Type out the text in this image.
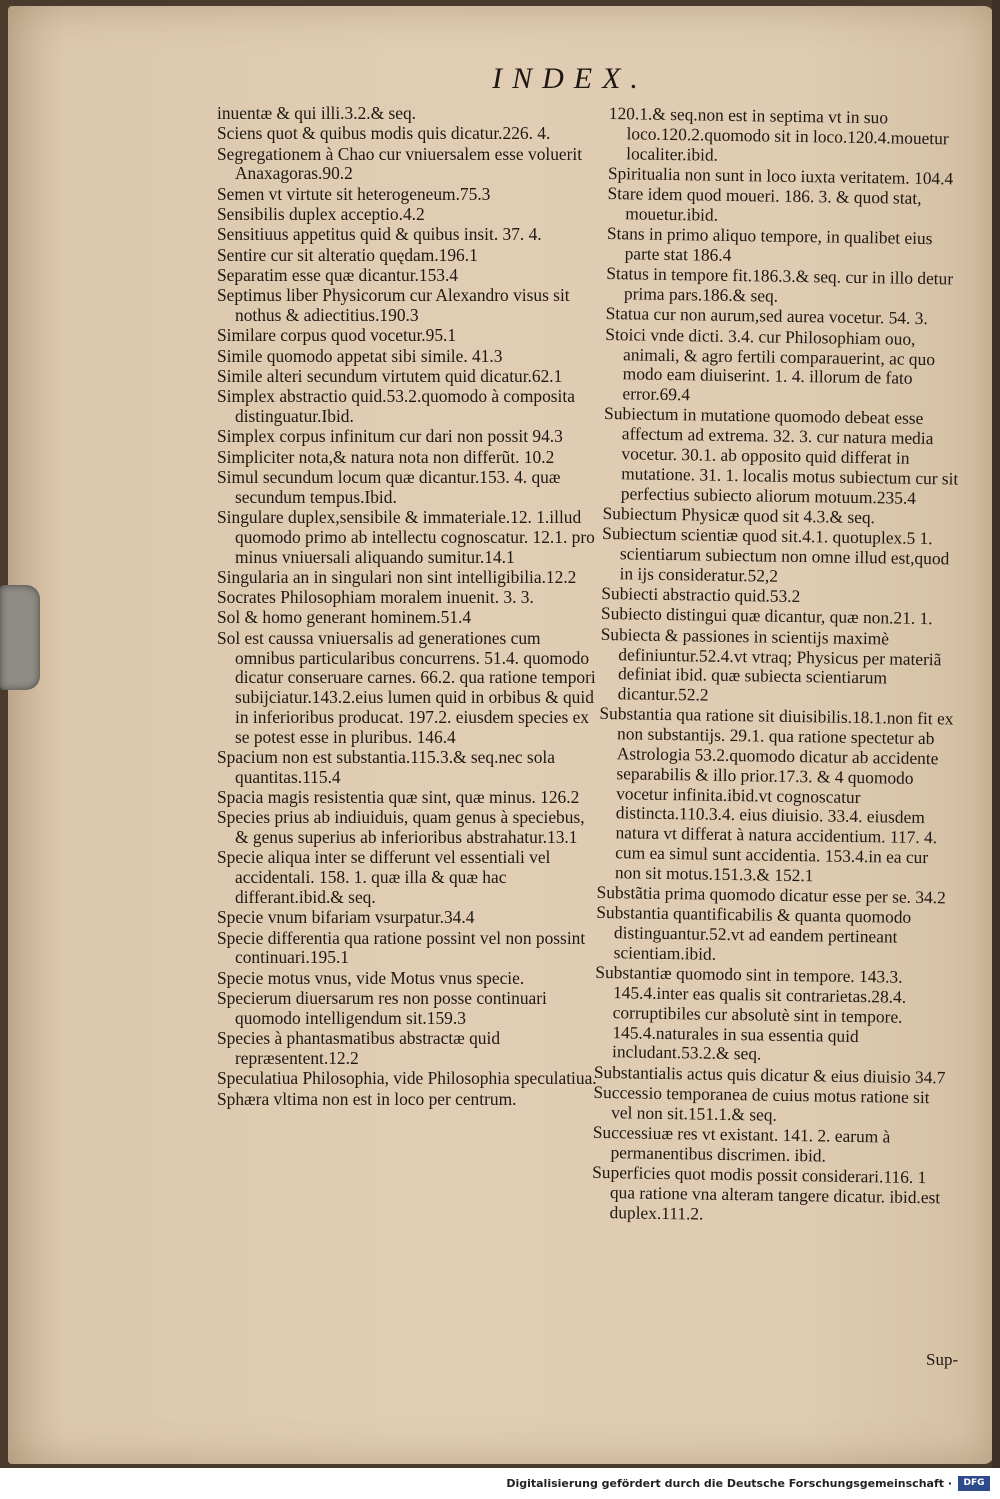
INDEX.
inuentæ & qui illi.3.2.& seq.
Sciens quot & quibus modis quis dicatur.226. 4.
Segregationem à Chao cur vniuersalem esse voluerit Anaxagoras.90.2
Semen vt virtute sit heterogeneum.75.3
Sensibilis duplex acceptio.4.2
Sensitiuus appetitus quid & quibus insit. 37. 4.
Sentire cur sit alteratio quędam.196.1
Separatim esse quæ dicantur.153.4
Septimus liber Physicorum cur Alexandro visus sit nothus & adiectitius.190.3
Similare corpus quod vocetur.95.1
Simile quomodo appetat sibi simile. 41.3
Simile alteri secundum virtutem quid dicatur.62.1
Simplex abstractio quid.53.2.quomodo à composita distinguatur.Ibid.
Simplex corpus infinitum cur dari non possit 94.3
Simpliciter nota,& natura nota non differũt. 10.2
Simul secundum locum quæ dicantur.153. 4. quæ secundum tempus.Ibid.
Singulare duplex,sensibile & immateriale.12. 1.illud quomodo primo ab intellectu cognoscatur. 12.1. pro minus vniuersali aliquando sumitur.14.1
Singularia an in singulari non sint intelligibilia.12.2
Socrates Philosophiam moralem inuenit. 3. 3.
Sol & homo generant hominem.51.4
Sol est caussa vniuersalis ad generationes cum omnibus particularibus concurrens. 51.4. quomodo dicatur conseruare carnes. 66.2. qua ratione tempori subijciatur.143.2.eius lumen quid in orbibus & quid in inferioribus producat. 197.2. eiusdem species ex se potest esse in pluribus. 146.4
Spacium non est substantia.115.3.& seq.nec sola quantitas.115.4
Spacia magis resistentia quæ sint, quæ minus. 126.2
Species prius ab indiuiduis, quam genus à speciebus, & genus superius ab inferioribus abstrahatur.13.1
Specie aliqua inter se differunt vel essentiali vel accidentali. 158. 1. quæ illa & quæ hac differant.ibid.& seq.
Specie vnum bifariam vsurpatur.34.4
Specie differentia qua ratione possint vel non possint continuari.195.1
Specie motus vnus, vide Motus vnus specie.
Specierum diuersarum res non posse continuari quomodo intelligendum sit.159.3
Species à phantasmatibus abstractæ quid repræsentent.12.2
Speculatiua Philosophia, vide Philosophia speculatiua.
Sphæra vltima non est in loco per centrum.
120.1.& seq.non est in septima vt in suo loco.120.2.quomodo sit in loco.120.4.mouetur localiter.ibid.
Spiritualia non sunt in loco iuxta veritatem. 104.4
Stare idem quod moueri. 186. 3. & quod stat, mouetur.ibid.
Stans in primo aliquo tempore, in qualibet eius parte stat 186.4
Status in tempore fit.186.3.& seq. cur in illo detur prima pars.186.& seq.
Statua cur non aurum,sed aurea vocetur. 54. 3.
Stoici vnde dicti. 3.4. cur Philosophiam ouo, animali, & agro fertili comparauerint, ac quo modo eam diuiserint. 1. 4. illorum de fato error.69.4
Subiectum in mutatione quomodo debeat esse affectum ad extrema. 32. 3. cur natura media vocetur. 30.1. ab opposito quid differat in mutatione. 31. 1. localis motus subiectum cur sit perfectius subiecto aliorum motuum.235.4
Subiectum Physicæ quod sit 4.3.& seq.
Subiectum scientiæ quod sit.4.1. quotuplex.5 1. scientiarum subiectum non omne illud est,quod in ijs consideratur.52,2
Subiecti abstractio quid.53.2
Subiecto distingui quæ dicantur, quæ non.21. 1.
Subiecta & passiones in scientijs maximè definiuntur.52.4.vt vtraq; Physicus per materiã definiat ibid. quæ subiecta scientiarum dicantur.52.2
Substantia qua ratione sit diuisibilis.18.1.non fit ex non substantijs. 29.1. qua ratione spectetur ab Astrologia 53.2.quomodo dicatur ab accidente separabilis & illo prior.17.3. & 4 quomodo vocetur infinita.ibid.vt cognoscatur distincta.110.3.4. eius diuisio. 33.4. eiusdem natura vt differat à natura accidentium. 117. 4. cum ea simul sunt accidentia. 153.4.in ea cur non sit motus.151.3.& 152.1
Substãtia prima quomodo dicatur esse per se. 34.2
Substantia quantificabilis & quanta quomodo distinguantur.52.vt ad eandem pertineant scientiam.ibid.
Substantiæ quomodo sint in tempore. 143.3. 145.4.inter eas qualis sit contrarietas.28.4. corruptibiles cur absolutè sint in tempore. 145.4.naturales in sua essentia quid includant.53.2.& seq.
Substantialis actus quis dicatur & eius diuisio 34.7
Successio temporanea de cuius motus ratione sit vel non sit.151.1.& seq.
Successiuæ res vt existant. 141. 2. earum à permanentibus discrimen. ibid.
Superficies quot modis possit considerari.116. 1 qua ratione vna alteram tangere dicatur. ibid.est duplex.111.2.
Sup-
Digitalisierung gefördert durch die Deutsche Forschungsgemeinschaft ·	DFG
